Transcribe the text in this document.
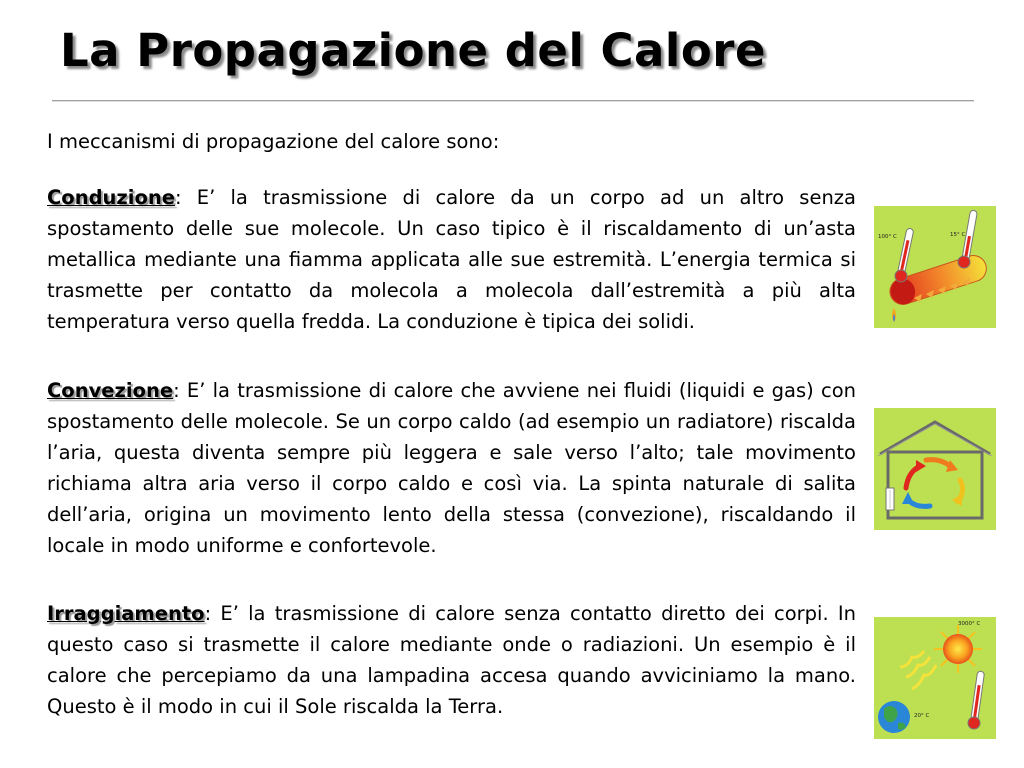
La Propagazione del Calore

I meccanismi di propagazione del calore sono:

Conduzione: E’ la trasmissione di calore da un corpo ad un altro senza spostamento delle sue molecole. Un caso tipico è il riscaldamento di un’asta metallica mediante una fiamma applicata alle sue estremità. L’energia termica si trasmette per contatto da molecola a molecola dall’estremità a più alta temperatura verso quella fredda. La conduzione è tipica dei solidi.

Convezione: E’ la trasmissione di calore che avviene nei fluidi (liquidi e gas) con spostamento delle molecole. Se un corpo caldo (ad esempio un radiatore) riscalda l’aria, questa diventa sempre più leggera e sale verso l’alto; tale movimento richiama altra aria verso il corpo caldo e così via. La spinta naturale di salita dell’aria, origina un movimento lento della stessa (convezione), riscaldando il locale in modo uniforme e confortevole.

Irraggiamento: E’ la trasmissione di calore senza contatto diretto dei corpi. In questo caso si trasmette il calore mediante onde o radiazioni. Un esempio è il calore che percepiamo da una lampadina accesa quando avviciniamo la mano. Questo è il modo in cui il Sole riscalda la Terra.

100° C	15° C
3000° C
20° C
